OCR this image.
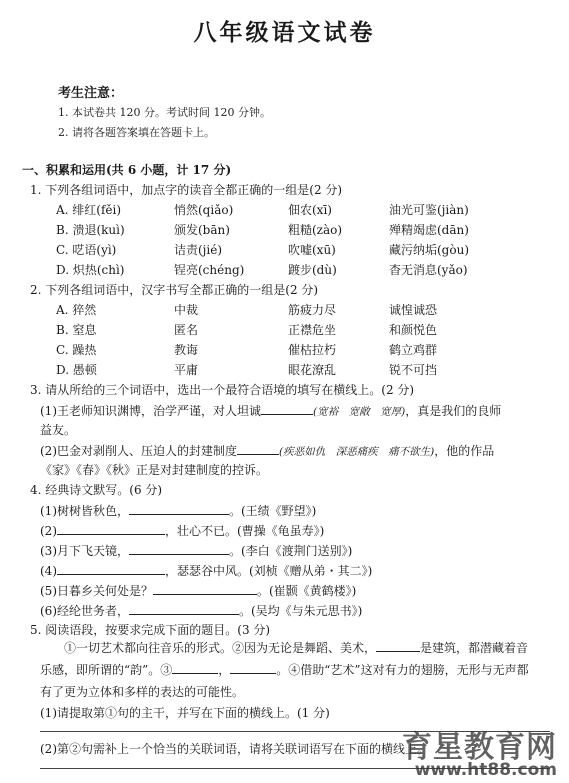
八年级语文试卷
考生注意：
1. 本试卷共 120 分。考试时间 120 分钟。
2. 请将各题答案填在答题卡上。
一、积累和运用(共 6 小题，计 17 分)
1. 下列各组词语中，加点字的读音全都正确的一组是(2 分)
A. 绯红(fěi)	悄然(qiǎo)	佃农(xī)	油光可鉴(jiàn)
B. 溃退(kuì)	颁发(bān)	粗糙(zào)	殚精竭虑(dān)
C. 呓语(yì)	诘责(jié)	吹嘘(xū)	藏污纳垢(gòu)
D. 炽热(chì)	锃亮(chéng)	踱步(dù)	杳无消息(yǎo)
2. 下列各组词语中，汉字书写全都正确的一组是(2 分)
A. 猝然	中裁	筋疲力尽	诚惶诚恐
B. 窒息	匿名	正襟危坐	和颜悦色
C. 躁热	教诲	催枯拉朽	鹤立鸡群
D. 愚顿	平庸	眼花潦乱	锐不可挡
3. 请从所给的三个词语中，选出一个最符合语境的填写在横线上。(2 分)
(1)王老师知识渊博，治学严谨，对人坦诚	(宽裕　宽敞　宽厚)，真是我们的良师
益友。
(2)巴金对剥削人、压迫人的封建制度	(疾恶如仇　深恶痛疾　痛不欲生)，他的作品
《家》《春》《秋》正是对封建制度的控诉。
4. 经典诗文默写。(6 分)
(1)树树皆秋色，	。(王绩《野望》)
(2)	，壮心不已。(曹操《龟虽寿》)
(3)月下飞天镜，	。(李白《渡荆门送别》)
(4)	，瑟瑟谷中风。(刘桢《赠从弟・其二》)
(5)日暮乡关何处是？	。(崔颢《黄鹤楼》)
(6)经纶世务者，	。(吴均《与朱元思书》)
5. 阅读语段，按要求完成下面的题目。(3 分)
①一切艺术都向往音乐的形式。②因为无论是舞蹈、美术，	是建筑，都潜藏着音
乐感，即所谓的“韵”。③	，	。④借助“艺术”这对有力的翅膀，无形与无声都
有了更为立体和多样的表达的可能性。
(1)请提取第①句的主干，并写在下面的横线上。(1 分)
(2)第②句需补上一个恰当的关联词语，请将关联词语写在下面的横线上。
育星教育网
www.ht88.com
